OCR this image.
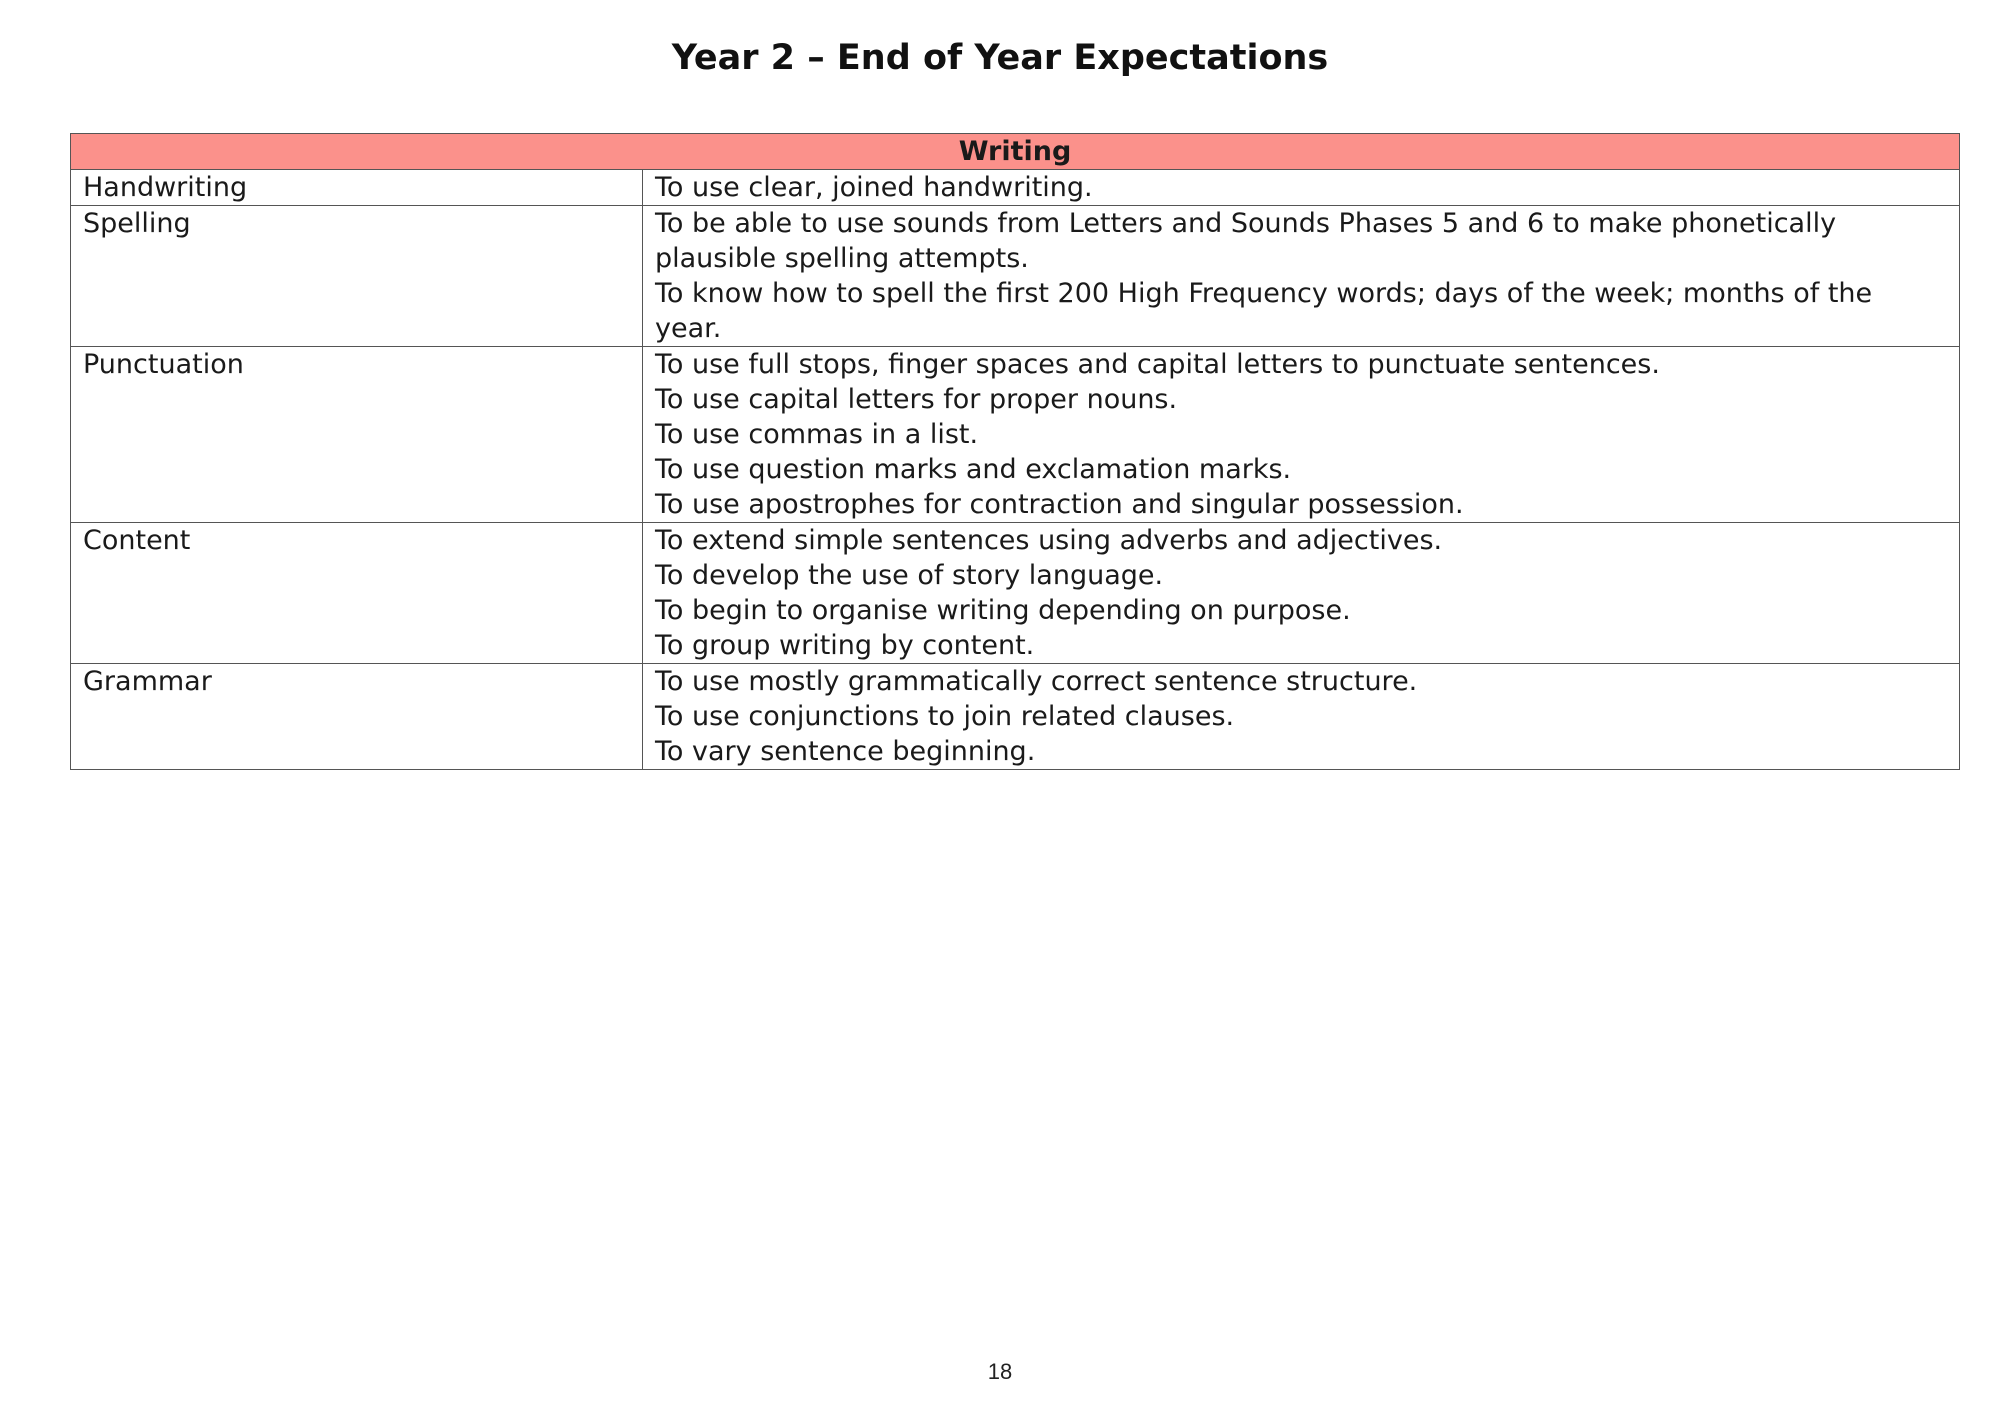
Year 2 – End of Year Expectations
Writing	
Handwriting	To use clear, joined handwriting.

Spelling	To be able to use sounds from Letters and Sounds Phases 5 and 6 to make phonetically plausible spelling attempts.
To know how to spell the first 200 High Frequency words; days of the week; months of the year.

Punctuation	To use full stops, finger spaces and capital letters to punctuate sentences.
To use capital letters for proper nouns.
To use commas in a list.
To use question marks and exclamation marks.
To use apostrophes for contraction and singular possession.

Content	To extend simple sentences using adverbs and adjectives.
To develop the use of story language.
To begin to organise writing depending on purpose.
To group writing by content.

Grammar	To use mostly grammatically correct sentence structure.
To use conjunctions to join related clauses.
To vary sentence beginning.
18
